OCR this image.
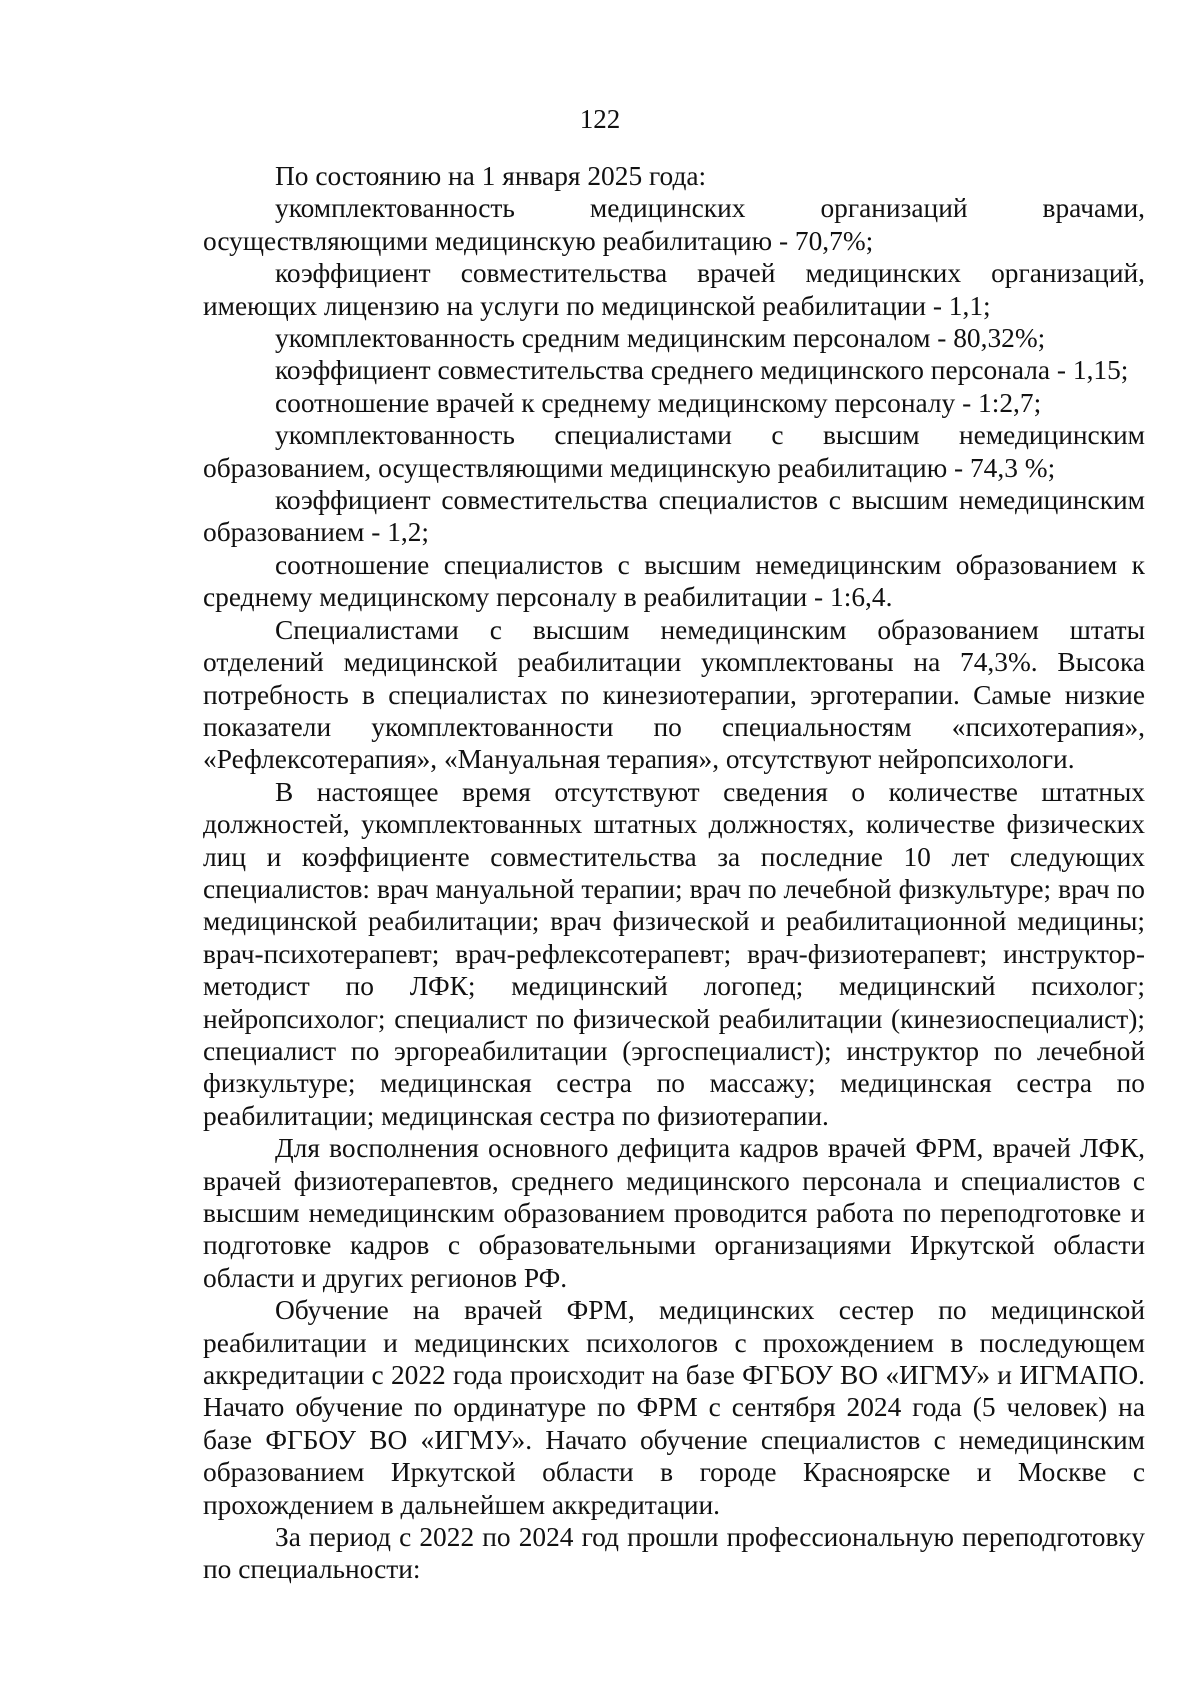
122

По состоянию на 1 января 2025 года:

укомплектованность медицинских организаций врачами, осуществляющими медицинскую реабилитацию - 70,7%;

коэффициент совместительства врачей медицинских организаций, имеющих лицензию на услуги по медицинской реабилитации - 1,1;

укомплектованность средним медицинским персоналом - 80,32%;

коэффициент совместительства среднего медицинского персонала - 1,15;

соотношение врачей к среднему медицинскому персоналу - 1:2,7;

укомплектованность специалистами с высшим немедицинским образованием, осуществляющими медицинскую реабилитацию - 74,3 %;

коэффициент совместительства специалистов с высшим немедицинским образованием - 1,2;

соотношение специалистов с высшим немедицинским образованием к среднему медицинскому персоналу в реабилитации - 1:6,4.

Специалистами с высшим немедицинским образованием штаты отделений медицинской реабилитации укомплектованы на 74,3%. Высока потребность в специалистах по кинезиотерапии, эрготерапии. Самые низкие показатели укомплектованности по специальностям «психотерапия», «Рефлексотерапия», «Мануальная терапия», отсутствуют нейропсихологи.

В настоящее время отсутствуют сведения о количестве штатных должностей, укомплектованных штатных должностях, количестве физических лиц и коэффициенте совместительства за последние 10 лет следующих специалистов: врач мануальной терапии; врач по лечебной физкультуре; врач по медицинской реабилитации; врач физической и реабилитационной медицины; врач-психотерапевт; врач-рефлексотерапевт; врач-физиотерапевт; инструктор-методист по ЛФК; медицинский логопед; медицинский психолог; нейропсихолог; специалист по физической реабилитации (кинезиоспециалист); специалист по эргореабилитации (эргоспециалист); инструктор по лечебной физкультуре; медицинская сестра по массажу; медицинская сестра по реабилитации; медицинская сестра по физиотерапии.

Для восполнения основного дефицита кадров врачей ФРМ, врачей ЛФК, врачей физиотерапевтов, среднего медицинского персонала и специалистов с высшим немедицинским образованием проводится работа по переподготовке и подготовке кадров с образовательными организациями Иркутской области области и других регионов РФ.

Обучение на врачей ФРМ, медицинских сестер по медицинской реабилитации и медицинских психологов с прохождением в последующем аккредитации с 2022 года происходит на базе ФГБОУ ВО «ИГМУ» и ИГМАПО. Начато обучение по ординатуре по ФРМ с сентября 2024 года (5 человек) на базе ФГБОУ ВО «ИГМУ». Начато обучение специалистов с немедицинским образованием Иркутской области в городе Красноярске и Москве с прохождением в дальнейшем аккредитации.

За период с 2022 по 2024 год прошли профессиональную переподготовку по специальности:
